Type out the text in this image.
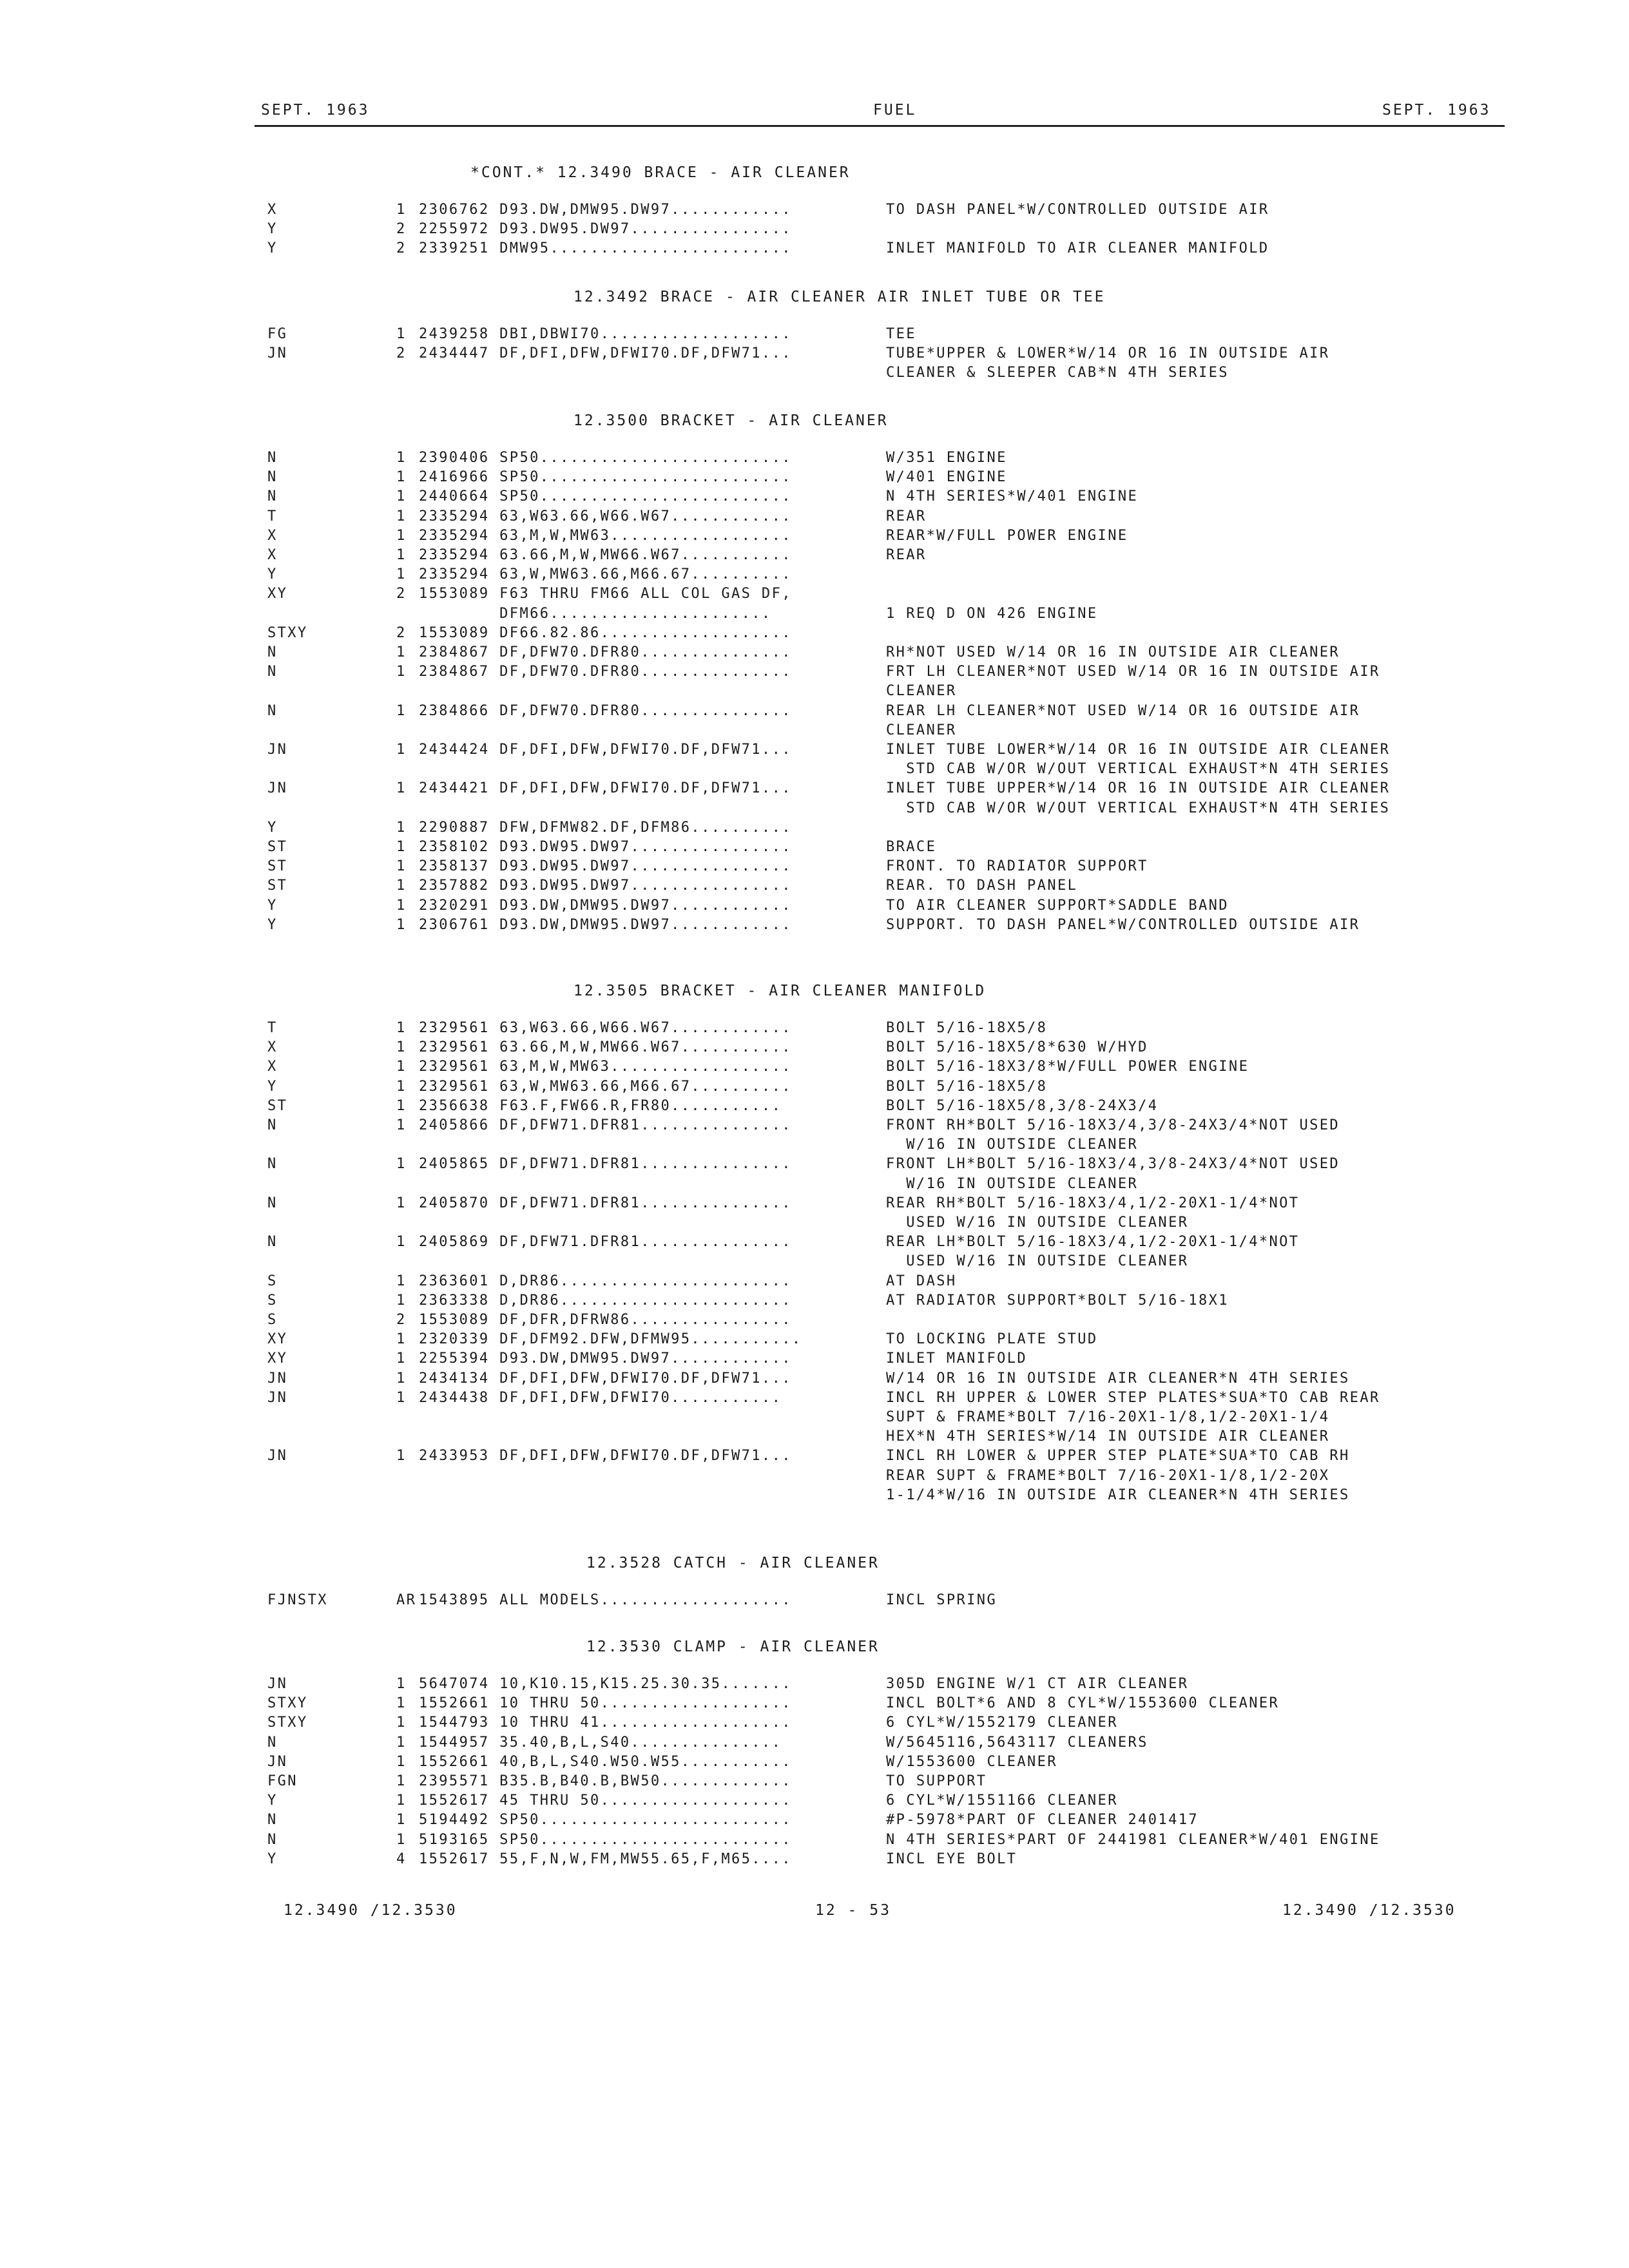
SEPT. 1963	FUEL	SEPT. 1963
*CONT.* 12.3490 BRACE - AIR CLEANER
X	1 2306762 D93.DW,DMW95.DW97............	TO DASH PANEL*W/CONTROLLED OUTSIDE AIR
Y	2 2255972 D93.DW95.DW97................
Y	2 2339251 DMW95........................	INLET MANIFOLD TO AIR CLEANER MANIFOLD
12.3492 BRACE - AIR CLEANER AIR INLET TUBE OR TEE
FG	1 2439258 DBI,DBWI70...................	TEE
JN	2 2434447 DF,DFI,DFW,DFWI70.DF,DFW71...	TUBE*UPPER & LOWER*W/14 OR 16 IN OUTSIDE AIR
CLEANER & SLEEPER CAB*N 4TH SERIES
12.3500 BRACKET - AIR CLEANER
N	1 2390406 SP50.........................	W/351 ENGINE
N	1 2416966 SP50.........................	W/401 ENGINE
N	1 2440664 SP50.........................	N 4TH SERIES*W/401 ENGINE
T	1 2335294 63,W63.66,W66.W67............	REAR
X	1 2335294 63,M,W,MW63..................	REAR*W/FULL POWER ENGINE
X	1 2335294 63.66,M,W,MW66.W67...........	REAR
Y	1 2335294 63,W,MW63.66,M66.67..........
XY	2 1553089 F63 THRU FM66 ALL COL GAS DF,
DFM66......................	1 REQ D ON 426 ENGINE
STXY	2 1553089 DF66.82.86...................
N	1 2384867 DF,DFW70.DFR80...............	RH*NOT USED W/14 OR 16 IN OUTSIDE AIR CLEANER
N	1 2384867 DF,DFW70.DFR80...............	FRT LH CLEANER*NOT USED W/14 OR 16 IN OUTSIDE AIR
CLEANER
N	1 2384866 DF,DFW70.DFR80...............	REAR LH CLEANER*NOT USED W/14 OR 16 OUTSIDE AIR
CLEANER
JN	1 2434424 DF,DFI,DFW,DFWI70.DF,DFW71...	INLET TUBE LOWER*W/14 OR 16 IN OUTSIDE AIR CLEANER
STD CAB W/OR W/OUT VERTICAL EXHAUST*N 4TH SERIES
JN	1 2434421 DF,DFI,DFW,DFWI70.DF,DFW71...	INLET TUBE UPPER*W/14 OR 16 IN OUTSIDE AIR CLEANER
STD CAB W/OR W/OUT VERTICAL EXHAUST*N 4TH SERIES
Y	1 2290887 DFW,DFMW82.DF,DFM86..........
ST	1 2358102 D93.DW95.DW97................	BRACE
ST	1 2358137 D93.DW95.DW97................	FRONT. TO RADIATOR SUPPORT
ST	1 2357882 D93.DW95.DW97................	REAR. TO DASH PANEL
Y	1 2320291 D93.DW,DMW95.DW97............	TO AIR CLEANER SUPPORT*SADDLE BAND
Y	1 2306761 D93.DW,DMW95.DW97............	SUPPORT. TO DASH PANEL*W/CONTROLLED OUTSIDE AIR
12.3505 BRACKET - AIR CLEANER MANIFOLD
T	1 2329561 63,W63.66,W66.W67............	BOLT 5/16-18X5/8
X	1 2329561 63.66,M,W,MW66.W67...........	BOLT 5/16-18X5/8*630 W/HYD
X	1 2329561 63,M,W,MW63..................	BOLT 5/16-18X3/8*W/FULL POWER ENGINE
Y	1 2329561 63,W,MW63.66,M66.67..........	BOLT 5/16-18X5/8
ST	1 2356638 F63.F,FW66.R,FR80...........	BOLT 5/16-18X5/8,3/8-24X3/4
N	1 2405866 DF,DFW71.DFR81...............	FRONT RH*BOLT 5/16-18X3/4,3/8-24X3/4*NOT USED
W/16 IN OUTSIDE CLEANER
N	1 2405865 DF,DFW71.DFR81...............	FRONT LH*BOLT 5/16-18X3/4,3/8-24X3/4*NOT USED
W/16 IN OUTSIDE CLEANER
N	1 2405870 DF,DFW71.DFR81...............	REAR RH*BOLT 5/16-18X3/4,1/2-20X1-1/4*NOT
USED W/16 IN OUTSIDE CLEANER
N	1 2405869 DF,DFW71.DFR81...............	REAR LH*BOLT 5/16-18X3/4,1/2-20X1-1/4*NOT
USED W/16 IN OUTSIDE CLEANER
S	1 2363601 D,DR86.......................	AT DASH
S	1 2363338 D,DR86.......................	AT RADIATOR SUPPORT*BOLT 5/16-18X1
S	2 1553089 DF,DFR,DFRW86................
XY	1 2320339 DF,DFM92.DFW,DFMW95...........	TO LOCKING PLATE STUD
XY	1 2255394 D93.DW,DMW95.DW97............	INLET MANIFOLD
JN	1 2434134 DF,DFI,DFW,DFWI70.DF,DFW71...	W/14 OR 16 IN OUTSIDE AIR CLEANER*N 4TH SERIES
JN	1 2434438 DF,DFI,DFW,DFWI70...........	INCL RH UPPER & LOWER STEP PLATES*SUA*TO CAB REAR
SUPT & FRAME*BOLT 7/16-20X1-1/8,1/2-20X1-1/4
HEX*N 4TH SERIES*W/14 IN OUTSIDE AIR CLEANER
JN	1 2433953 DF,DFI,DFW,DFWI70.DF,DFW71...	INCL RH LOWER & UPPER STEP PLATE*SUA*TO CAB RH
REAR SUPT & FRAME*BOLT 7/16-20X1-1/8,1/2-20X
1-1/4*W/16 IN OUTSIDE AIR CLEANER*N 4TH SERIES
12.3528 CATCH - AIR CLEANER
FJNSTX	AR 1543895 ALL MODELS...................	INCL SPRING
12.3530 CLAMP - AIR CLEANER
JN	1 5647074 10,K10.15,K15.25.30.35.......	305D ENGINE W/1 CT AIR CLEANER
STXY	1 1552661 10 THRU 50...................	INCL BOLT*6 AND 8 CYL*W/1553600 CLEANER
STXY	1 1544793 10 THRU 41...................	6 CYL*W/1552179 CLEANER
N	1 1544957 35.40,B,L,S40...............	W/5645116,5643117 CLEANERS
JN	1 1552661 40,B,L,S40.W50.W55...........	W/1553600 CLEANER
FGN	1 2395571 B35.B,B40.B,BW50.............	TO SUPPORT
Y	1 1552617 45 THRU 50...................	6 CYL*W/1551166 CLEANER
N	1 5194492 SP50.........................	#P-5978*PART OF CLEANER 2401417
N	1 5193165 SP50.........................	N 4TH SERIES*PART OF 2441981 CLEANER*W/401 ENGINE
Y	4 1552617 55,F,N,W,FM,MW55.65,F,M65....	INCL EYE BOLT
12.3490 /12.3530	12 - 53	12.3490 /12.3530
